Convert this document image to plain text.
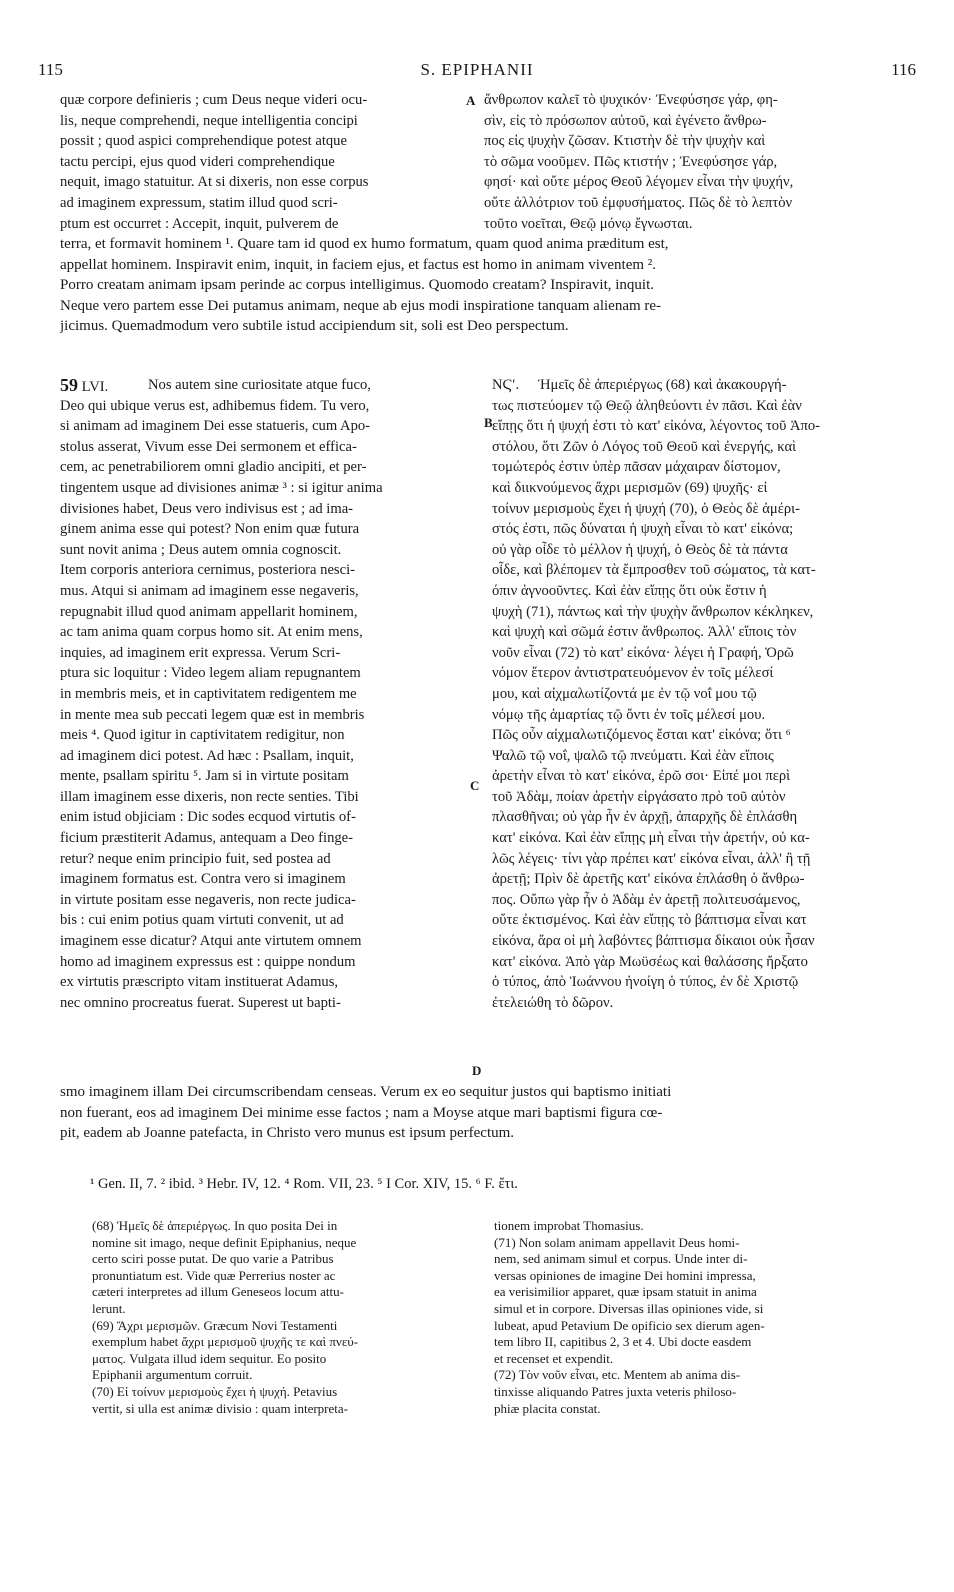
115	S. EPIPHANII	116
A
B
C
D
quæ corpore definieris ; cum Deus neque videri ocu-
lis, neque comprehendi, neque intelligentia concipi
possit ; quod aspici comprehendique potest atque
tactu percipi, ejus quod videri comprehendique
nequit, imago statuitur. At si dixeris, non esse corpus
ad imaginem expressum, statim illud quod scri-
ptum est occurret : Accepit, inquit, pulverem de
ἄνθρωπον καλεῖ τὸ ψυχικόν· Ἐνεφύσησε γάρ, φη-
σὶν, εἰς τὸ πρόσωπον αὐτοῦ, καὶ ἐγένετο ἄνθρω-
πος εἰς ψυχὴν ζῶσαν. Κτιστὴν δὲ τὴν ψυχὴν καὶ
τὸ σῶμα νοοῦμεν. Πῶς κτιστήν ; Ἐνεφύσησε γάρ,
φησί· καὶ οὔτε μέρος Θεοῦ λέγομεν εἶναι τὴν ψυχήν,
οὔτε ἀλλότριον τοῦ ἐμφυσήματος. Πῶς δὲ τὸ λεπτὸν
τοῦτο νοεῖται, Θεῷ μόνῳ ἔγνωσται.
terra, et formavit hominem ¹. Quare tam id quod ex humo formatum, quam quod anima præditum est,
appellat hominem. Inspiravit enim, inquit, in faciem ejus, et factus est homo in animam viventem ².
Porro creatam animam ipsam perinde ac corpus intelligimus. Quomodo creatam? Inspiravit, inquit.
Neque vero partem esse Dei putamus animam, neque ab ejus modi inspiratione tanquam alienam re-
jicimus. Quemadmodum vero subtile istud accipiendum sit, soli est Deo perspectum.
59 LVI.	Nos autem sine curiositate atque fuco,
Deo qui ubique verus est, adhibemus fidem. Tu vero,
si animam ad imaginem Dei esse statueris, cum Apo-
stolus asserat, Vivum esse Dei sermonem et effica-
cem, ac penetrabiliorem omni gladio ancipiti, et per-
tingentem usque ad divisiones animæ ³ : si igitur anima
divisiones habet, Deus vero indivisus est ; ad ima-
ginem anima esse qui potest? Non enim quæ futura
sunt novit anima ; Deus autem omnia cognoscit.
Item corporis anteriora cernimus, posteriora nesci-
mus. Atqui si animam ad imaginem esse negaveris,
repugnabit illud quod animam appellarit hominem,
ac tam anima quam corpus homo sit. At enim mens,
inquies, ad imaginem erit expressa. Verum Scri-
ptura sic loquitur : Video legem aliam repugnantem
in membris meis, et in captivitatem redigentem me
in mente mea sub peccati legem quæ est in membris
meis ⁴. Quod igitur in captivitatem redigitur, non
ad imaginem dici potest. Ad hæc : Psallam, inquit,
mente, psallam spiritu ⁵. Jam si in virtute positam
illam imaginem esse dixeris, non recte senties. Tibi
enim istud objiciam : Dic sodes ecquod virtutis of-
ficium præstiterit Adamus, antequam a Deo finge-
retur? neque enim principio fuit, sed postea ad
imaginem formatus est. Contra vero si imaginem
in virtute positam esse negaveris, non recte judica-
bis : cui enim potius quam virtuti convenit, ut ad
imaginem esse dicatur? Atqui ante virtutem omnem
homo ad imaginem expressus est : quippe nondum
ex virtutis præscripto vitam instituerat Adamus,
nec omnino procreatus fuerat. Superest ut bapti-
ΝϚʹ.	Ἡμεῖς δὲ ἀπεριέργως (68) καὶ ἀκακουργή-
τως πιστεύομεν τῷ Θεῷ ἀληθεύοντι ἐν πᾶσι. Καὶ ἐὰν
εἴπῃς ὅτι ἡ ψυχή ἐστι τὸ κατ' εἰκόνα, λέγοντος τοῦ Ἀπο-
στόλου, ὅτι Ζῶν ὁ Λόγος τοῦ Θεοῦ καὶ ἐνεργής, καὶ
τομώτερός ἐστιν ὑπὲρ πᾶσαν μάχαιραν δίστομον,
καὶ διικνούμενος ἄχρι μερισμῶν (69) ψυχῆς· εἰ
τοίνυν μερισμοὺς ἔχει ἡ ψυχή (70), ὁ Θεὸς δὲ ἀμέρι-
στός ἐστι, πῶς δύναται ἡ ψυχὴ εἶναι τὸ κατ' εἰκόνα;
οὐ γὰρ οἶδε τὸ μέλλον ἡ ψυχή, ὁ Θεὸς δὲ τὰ πάντα
οἶδε, καὶ βλέπομεν τὰ ἔμπροσθεν τοῦ σώματος, τὰ κατ-
όπιν ἀγνοοῦντες. Καὶ ἐὰν εἴπῃς ὅτι οὐκ ἔστιν ἡ
ψυχὴ (71), πάντως καὶ τὴν ψυχὴν ἄνθρωπον κέκληκεν,
καὶ ψυχὴ καὶ σῶμά ἐστιν ἄνθρωπος. Ἀλλ' εἴποις τὸν
νοῦν εἶναι (72) τὸ κατ' εἰκόνα· λέγει ἡ Γραφή, Ὁρῶ
νόμον ἕτερον ἀντιστρατευόμενον ἐν τοῖς μέλεσί
μου, καὶ αἰχμαλωτίζοντά με ἐν τῷ νοΐ μου τῷ
νόμῳ τῆς ἁμαρτίας τῷ ὄντι ἐν τοῖς μέλεσί μου.
Πῶς οὖν αἰχμαλωτιζόμενος ἔσται κατ' εἰκόνα; ὅτι ⁶
Ψαλῶ τῷ νοΐ, ψαλῶ τῷ πνεύματι. Καὶ ἐὰν εἴποις
ἀρετὴν εἶναι τὸ κατ' εἰκόνα, ἐρῶ σοι· Εἰπέ μοι περὶ
τοῦ Ἀδὰμ, ποίαν ἀρετὴν εἰργάσατο πρὸ τοῦ αὐτὸν
πλασθῆναι; οὐ γὰρ ἦν ἐν ἀρχῇ, ἀπαρχῆς δὲ ἐπλάσθη
κατ' εἰκόνα. Καὶ ἐὰν εἴπῃς μὴ εἶναι τὴν ἀρετήν, οὐ κα-
λῶς λέγεις· τίνι γὰρ πρέπει κατ' εἰκόνα εἶναι, ἀλλ' ἢ τῇ
ἀρετῇ; Πρὶν δὲ ἀρετῆς κατ' εἰκόνα ἐπλάσθη ὁ ἄνθρω-
πος. Οὔπω γὰρ ἦν ὁ Ἀδὰμ ἐν ἀρετῇ πολιτευσάμενος,
οὔτε ἐκτισμένος. Καὶ ἐὰν εἴπῃς τὸ βάπτισμα εἶναι κατ
εἰκόνα, ἄρα οἱ μὴ λαβόντες βάπτισμα δίκαιοι οὐκ ἦσαν
κατ' εἰκόνα. Ἀπὸ γὰρ Μωϋσέως καὶ θαλάσσης ἤρξατο
ὁ τύπος, ἀπὸ Ἰωάννου ἠνοίγη ὁ τύπος, ἐν δὲ Χριστῷ
ἐτελειώθη τὸ δῶρον.
smo imaginem illam Dei circumscribendam censeas. Verum ex eo sequitur justos qui baptismo initiati
non fuerant, eos ad imaginem Dei minime esse factos ; nam a Moyse atque mari baptismi figura cœ-
pit, eadem ab Joanne patefacta, in Christo vero munus est ipsum perfectum.
¹ Gen. II, 7. ² ibid. ³ Hebr. IV, 12. ⁴ Rom. VII, 23. ⁵ I Cor. XIV, 15. ⁶ F. ἔτι.
(68) Ἡμεῖς δὲ ἀπεριέργως. In quo posita Dei in
nomine sit imago, neque definit Epiphanius, neque
certo sciri posse putat. De quo varie a Patribus
pronuntiatum est. Vide quæ Perrerius noster ac
cæteri interpretes ad illum Geneseos locum attu-
lerunt.
(69) Ἄχρι μερισμῶν. Græcum Novi Testamenti
exemplum habet ἄχρι μερισμοῦ ψυχῆς τε καὶ πνεύ-
ματος. Vulgata illud idem sequitur. Eo posito
Epiphanii argumentum corruit.
(70) Εἰ τοίνυν μερισμοὺς ἔχει ἡ ψυχή. Petavius
vertit, si ulla est animæ divisio : quam interpreta-
tionem improbat Thomasius.
(71) Non solam animam appellavit Deus homi-
nem, sed animam simul et corpus. Unde inter di-
versas opiniones de imagine Dei homini impressa,
ea verisimilior apparet, quæ ipsam statuit in anima
simul et in corpore. Diversas illas opiniones vide, si
lubeat, apud Petavium De opificio sex dierum agen-
tem libro II, capitibus 2, 3 et 4. Ubi docte easdem
et recenset et expendit.
(72) Τὸν νοῦν εἶναι, etc. Mentem ab anima dis-
tinxisse aliquando Patres juxta veteris philoso-
phiæ placita constat.
